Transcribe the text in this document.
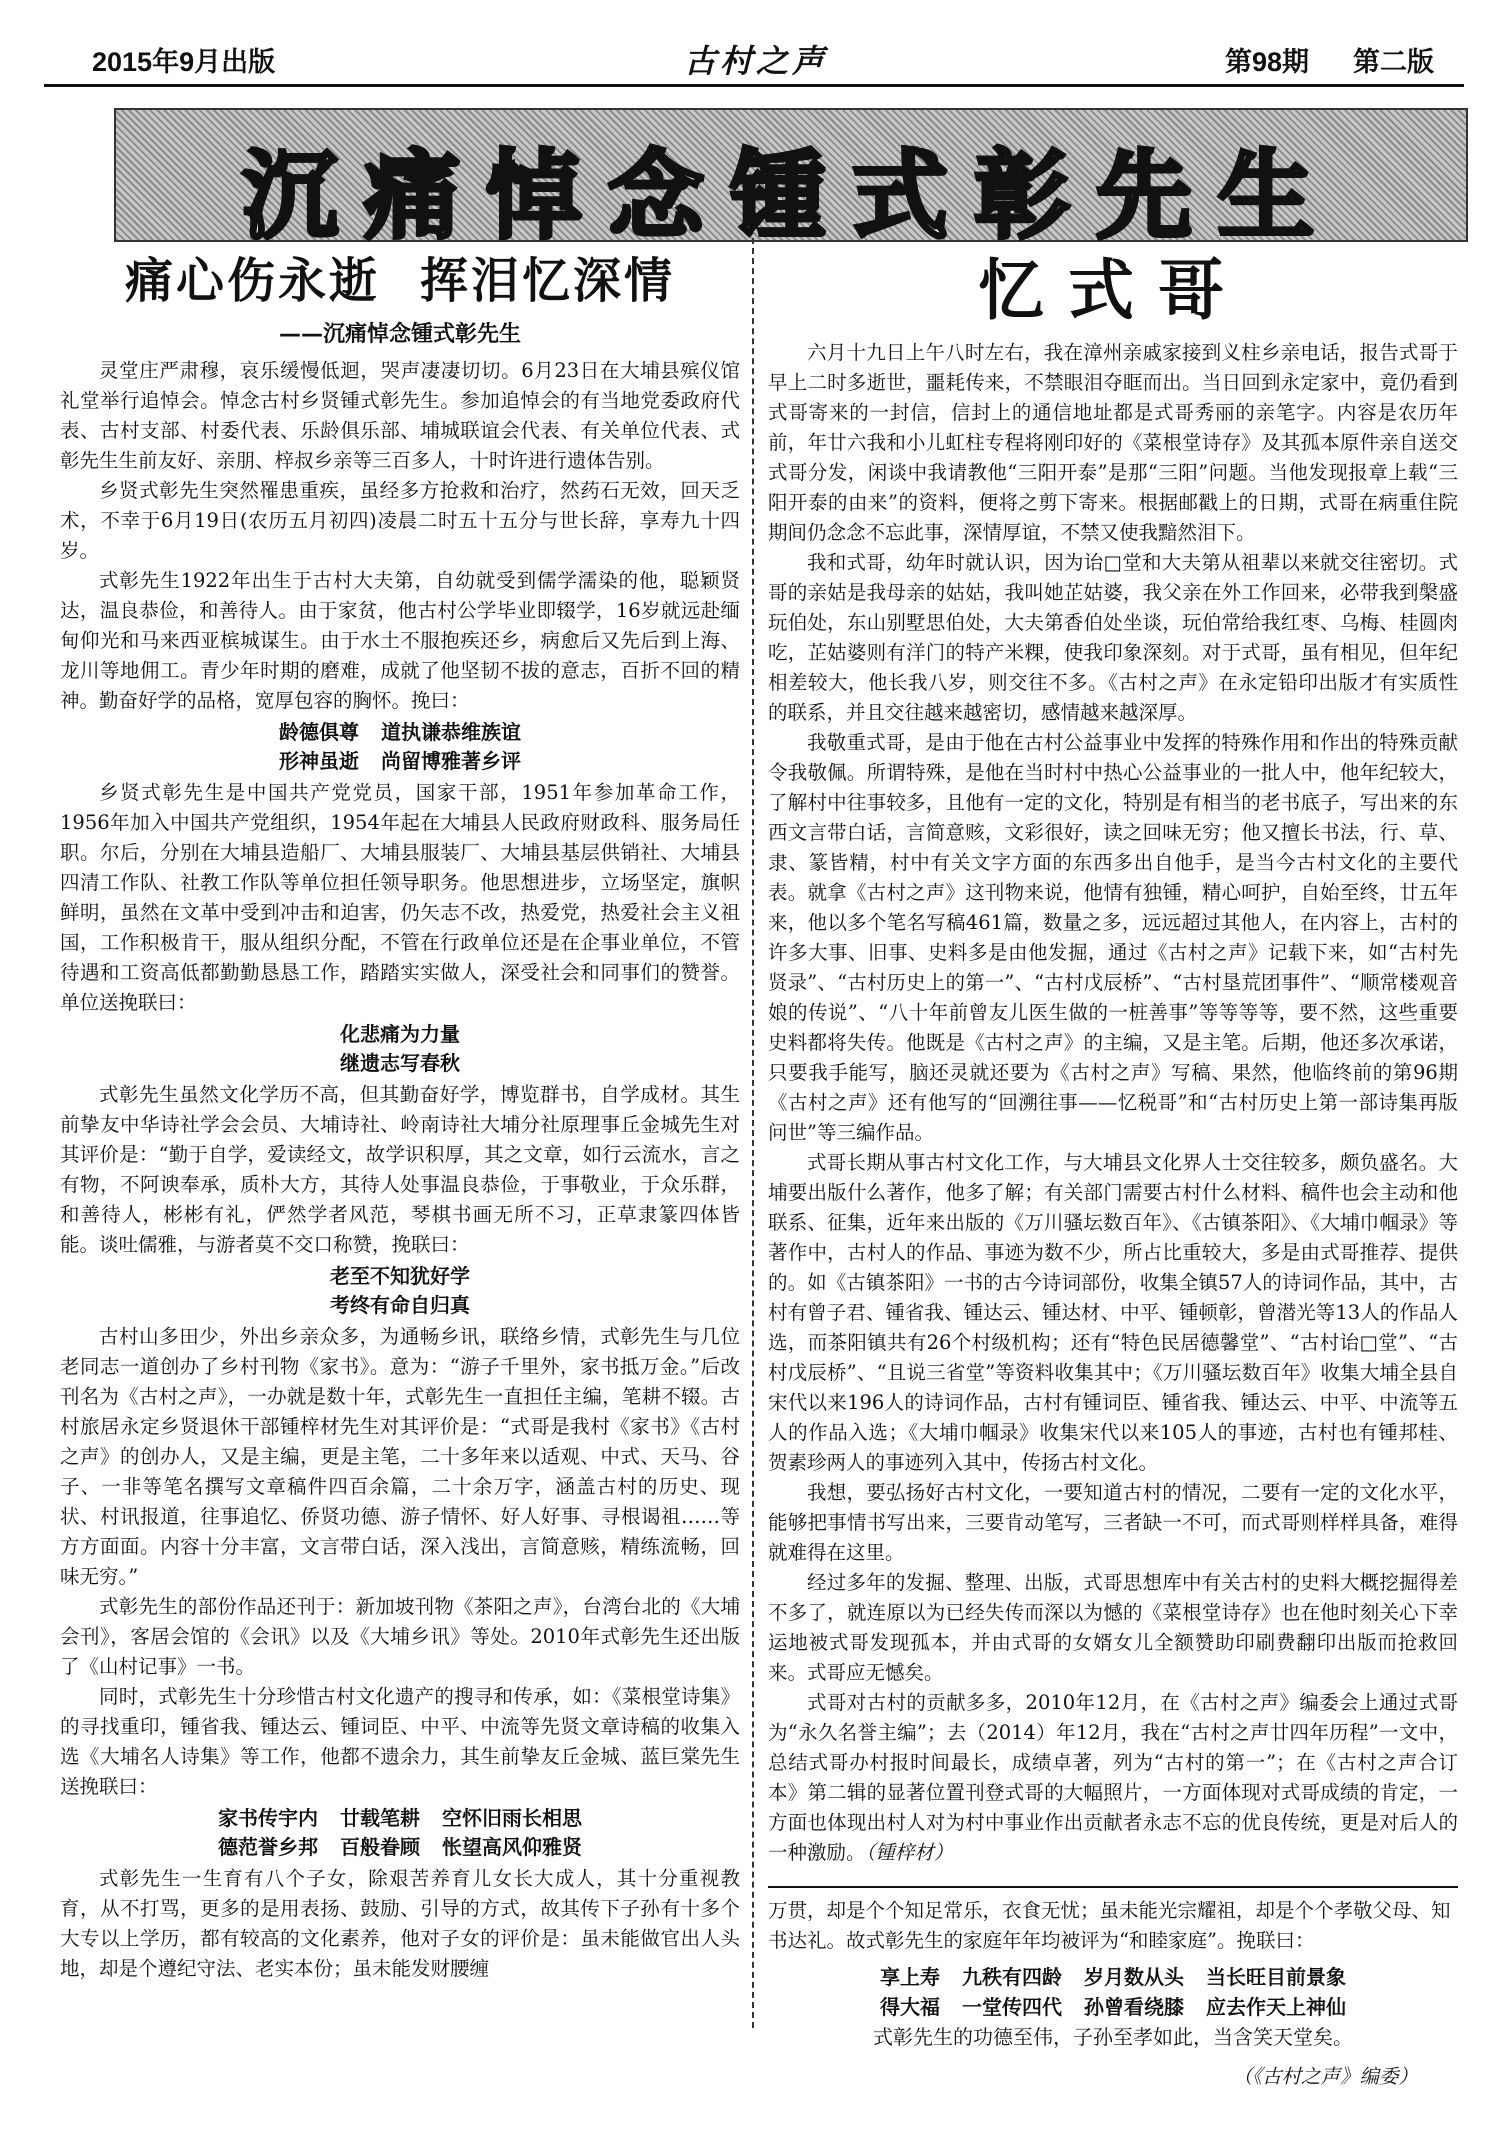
2015年9月出版	古村之声	第98期 第二版
沉痛悼念锺式彰先生
痛心伤永逝 挥泪忆深情
——沉痛悼念锺式彰先生

灵堂庄严肃穆，哀乐缓慢低迴，哭声凄凄切切。6月23日在大埔县殡仪馆礼堂举行追悼会。悼念古村乡贤锺式彰先生。参加追悼会的有当地党委政府代表、古村支部、村委代表、乐龄俱乐部、埔城联谊会代表、有关单位代表、式彰先生生前友好、亲朋、梓叔乡亲等三百多人，十时许进行遗体告别。

乡贤式彰先生突然罹患重疾，虽经多方抢救和治疗，然药石无效，回天乏术，不幸于6月19日(农历五月初四)凌晨二时五十五分与世长辞，享寿九十四岁。

式彰先生1922年出生于古村大夫第，自幼就受到儒学濡染的他，聪颖贤达，温良恭俭，和善待人。由于家贫，他古村公学毕业即辍学，16岁就远赴缅甸仰光和马来西亚槟城谋生。由于水土不服抱疾还乡，病愈后又先后到上海、龙川等地佣工。青少年时期的磨难，成就了他坚韧不拔的意志，百折不回的精神。勤奋好学的品格，宽厚包容的胸怀。挽曰：

龄德俱尊 道执谦恭维族谊
形神虽逝 尚留博雅著乡评

乡贤式彰先生是中国共产党党员，国家干部，1951年参加革命工作，1956年加入中国共产党组织，1954年起在大埔县人民政府财政科、服务局任职。尔后，分别在大埔县造船厂、大埔县服装厂、大埔县基层供销社、大埔县四清工作队、社教工作队等单位担任领导职务。他思想进步，立场坚定，旗帜鲜明，虽然在文革中受到冲击和迫害，仍矢志不改，热爱党，热爱社会主义祖国，工作积极肯干，服从组织分配，不管在行政单位还是在企事业单位，不管待遇和工资高低都勤勤恳恳工作，踏踏实实做人，深受社会和同事们的赞誉。单位送挽联曰：

化悲痛为力量
继遗志写春秋

式彰先生虽然文化学历不高，但其勤奋好学，博览群书，自学成材。其生前挚友中华诗社学会会员、大埔诗社、岭南诗社大埔分社原理事丘金城先生对其评价是：“勤于自学，爱读经文，故学识积厚，其之文章，如行云流水，言之有物，不阿谀奉承，质朴大方，其待人处事温良恭俭，于事敬业，于众乐群，和善待人，彬彬有礼，俨然学者风范，琴棋书画无所不习，正草隶篆四体皆能。谈吐儒雅，与游者莫不交口称赞，挽联曰：

老至不知犹好学
考终有命自归真

古村山多田少，外出乡亲众多，为通畅乡讯，联络乡情，式彰先生与几位老同志一道创办了乡村刊物《家书》。意为：“游子千里外，家书抵万金。”后改刊名为《古村之声》，一办就是数十年，式彰先生一直担任主编，笔耕不辍。古村旅居永定乡贤退休干部锺梓材先生对其评价是：“式哥是我村《家书》《古村之声》的创办人，又是主编，更是主笔，二十多年来以适观、中式、天马、谷子、一非等笔名撰写文章稿件四百余篇，二十余万字，涵盖古村的历史、现状、村讯报道，往事追忆、侨贤功德、游子情怀、好人好事、寻根谒祖……等方方面面。内容十分丰富，文言带白话，深入浅出，言简意赅，精练流畅，回味无穷。”

式彰先生的部份作品还刊于：新加坡刊物《茶阳之声》，台湾台北的《大埔会刊》，客居会馆的《会讯》以及《大埔乡讯》等处。2010年式彰先生还出版了《山村记事》一书。

同时，式彰先生十分珍惜古村文化遗产的搜寻和传承，如：《菜根堂诗集》的寻找重印，锺省我、锺达云、锺词臣、中平、中流等先贤文章诗稿的收集入选《大埔名人诗集》等工作，他都不遗余力，其生前挚友丘金城、蓝巨棠先生送挽联曰：

家书传宇内 廿载笔耕 空怀旧雨长相思
德范誉乡邦 百般眷顾 怅望高风仰雅贤

式彰先生一生育有八个子女，除艰苦养育儿女长大成人，其十分重视教育，从不打骂，更多的是用表扬、鼓励、引导的方式，故其传下子孙有十多个大专以上学历，都有较高的文化素养，他对子女的评价是：虽未能做官出人头地，却是个遵纪守法、老实本份；虽未能发财腰缠

忆式哥

六月十九日上午八时左右，我在漳州亲戚家接到义柱乡亲电话，报告式哥于早上二时多逝世，噩耗传来，不禁眼泪夺眶而出。当日回到永定家中，竟仍看到式哥寄来的一封信，信封上的通信地址都是式哥秀丽的亲笔字。内容是农历年前，年廿六我和小儿虹柱专程将刚印好的《菜根堂诗存》及其孤本原件亲自送交式哥分发，闲谈中我请教他“三阳开泰”是那“三阳”问题。当他发现报章上载“三阳开泰的由来”的资料，便将之剪下寄来。根据邮戳上的日期，式哥在病重住院期间仍念念不忘此事，深情厚谊，不禁又使我黯然泪下。

我和式哥，幼年时就认识，因为诒□堂和大夫第从祖辈以来就交往密切。式哥的亲姑是我母亲的姑姑，我叫她芷姑婆，我父亲在外工作回来，必带我到槃盛玩伯处，东山别墅思伯处，大夫第香伯处坐谈，玩伯常给我红枣、乌梅、桂圆肉吃，芷姑婆则有洋门的特产米粿，使我印象深刻。对于式哥，虽有相见，但年纪相差较大，他长我八岁，则交往不多。《古村之声》在永定铅印出版才有实质性的联系，并且交往越来越密切，感情越来越深厚。

我敬重式哥，是由于他在古村公益事业中发挥的特殊作用和作出的特殊贡献令我敬佩。所谓特殊，是他在当时村中热心公益事业的一批人中，他年纪较大，了解村中往事较多，且他有一定的文化，特别是有相当的老书底子，写出来的东西文言带白话，言简意赅，文彩很好，读之回味无穷；他又擅长书法，行、草、隶、篆皆精，村中有关文字方面的东西多出自他手，是当今古村文化的主要代表。就拿《古村之声》这刊物来说，他情有独锺，精心呵护，自始至终，廿五年来，他以多个笔名写稿461篇，数量之多，远远超过其他人，在内容上，古村的许多大事、旧事、史料多是由他发掘，通过《古村之声》记载下来，如“古村先贤录”、“古村历史上的第一”、“古村戊辰桥”、“古村垦荒团事件”、“顺常楼观音娘的传说”、“八十年前曾友儿医生做的一桩善事”等等等等，要不然，这些重要史料都将失传。他既是《古村之声》的主编，又是主笔。后期，他还多次承诺，只要我手能写，脑还灵就还要为《古村之声》写稿、果然，他临终前的第96期《古村之声》还有他写的“回溯往事——忆税哥”和“古村历史上第一部诗集再版问世”等三编作品。

式哥长期从事古村文化工作，与大埔县文化界人士交往较多，颇负盛名。大埔要出版什么著作，他多了解；有关部门需要古村什么材料、稿件也会主动和他联系、征集，近年来出版的《万川骚坛数百年》、《古镇茶阳》、《大埔巾帼录》等著作中，古村人的作品、事迹为数不少，所占比重较大，多是由式哥推荐、提供的。如《古镇茶阳》一书的古今诗词部份，收集全镇57人的诗词作品，其中，古村有曾子君、锺省我、锺达云、锺达材、中平、锺顿彰，曾潜光等13人的作品人选，而茶阳镇共有26个村级机构；还有“特色民居德馨堂”、“古村诒□堂”、“古村戊辰桥”、“且说三省堂”等资料收集其中；《万川骚坛数百年》收集大埔全县自宋代以来196人的诗词作品，古村有锺词臣、锺省我、锺达云、中平、中流等五人的作品入选；《大埔巾帼录》收集宋代以来105人的事迹，古村也有锺邦桂、贺素珍两人的事迹列入其中，传扬古村文化。

我想，要弘扬好古村文化，一要知道古村的情况，二要有一定的文化水平，能够把事情书写出来，三要肯动笔写，三者缺一不可，而式哥则样样具备，难得就难得在这里。

经过多年的发掘、整理、出版，式哥思想库中有关古村的史料大概挖掘得差不多了，就连原以为已经失传而深以为憾的《菜根堂诗存》也在他时刻关心下幸运地被式哥发现孤本，并由式哥的女婿女儿全额赞助印刷费翻印出版而抢救回来。式哥应无憾矣。

式哥对古村的贡献多多，2010年12月，在《古村之声》编委会上通过式哥为“永久名誉主编”；去（2014）年12月，我在“古村之声廿四年历程”一文中，总结式哥办村报时间最长，成绩卓著，列为“古村的第一”；在《古村之声合订本》第二辑的显著位置刊登式哥的大幅照片，一方面体现对式哥成绩的肯定，一方面也体现出村人对为村中事业作出贡献者永志不忘的优良传统，更是对后人的一种激励。（锺梓材）

万贯，却是个个知足常乐，衣食无忧；虽未能光宗耀祖，却是个个孝敬父母、知书达礼。故式彰先生的家庭年年均被评为“和睦家庭”。挽联曰：

享上寿 九秩有四龄 岁月数从头 当长旺目前景象
得大福 一堂传四代 孙曾看绕膝 应去作天上神仙
式彰先生的功德至伟，子孙至孝如此，当含笑天堂矣。
（《古村之声》编委）
